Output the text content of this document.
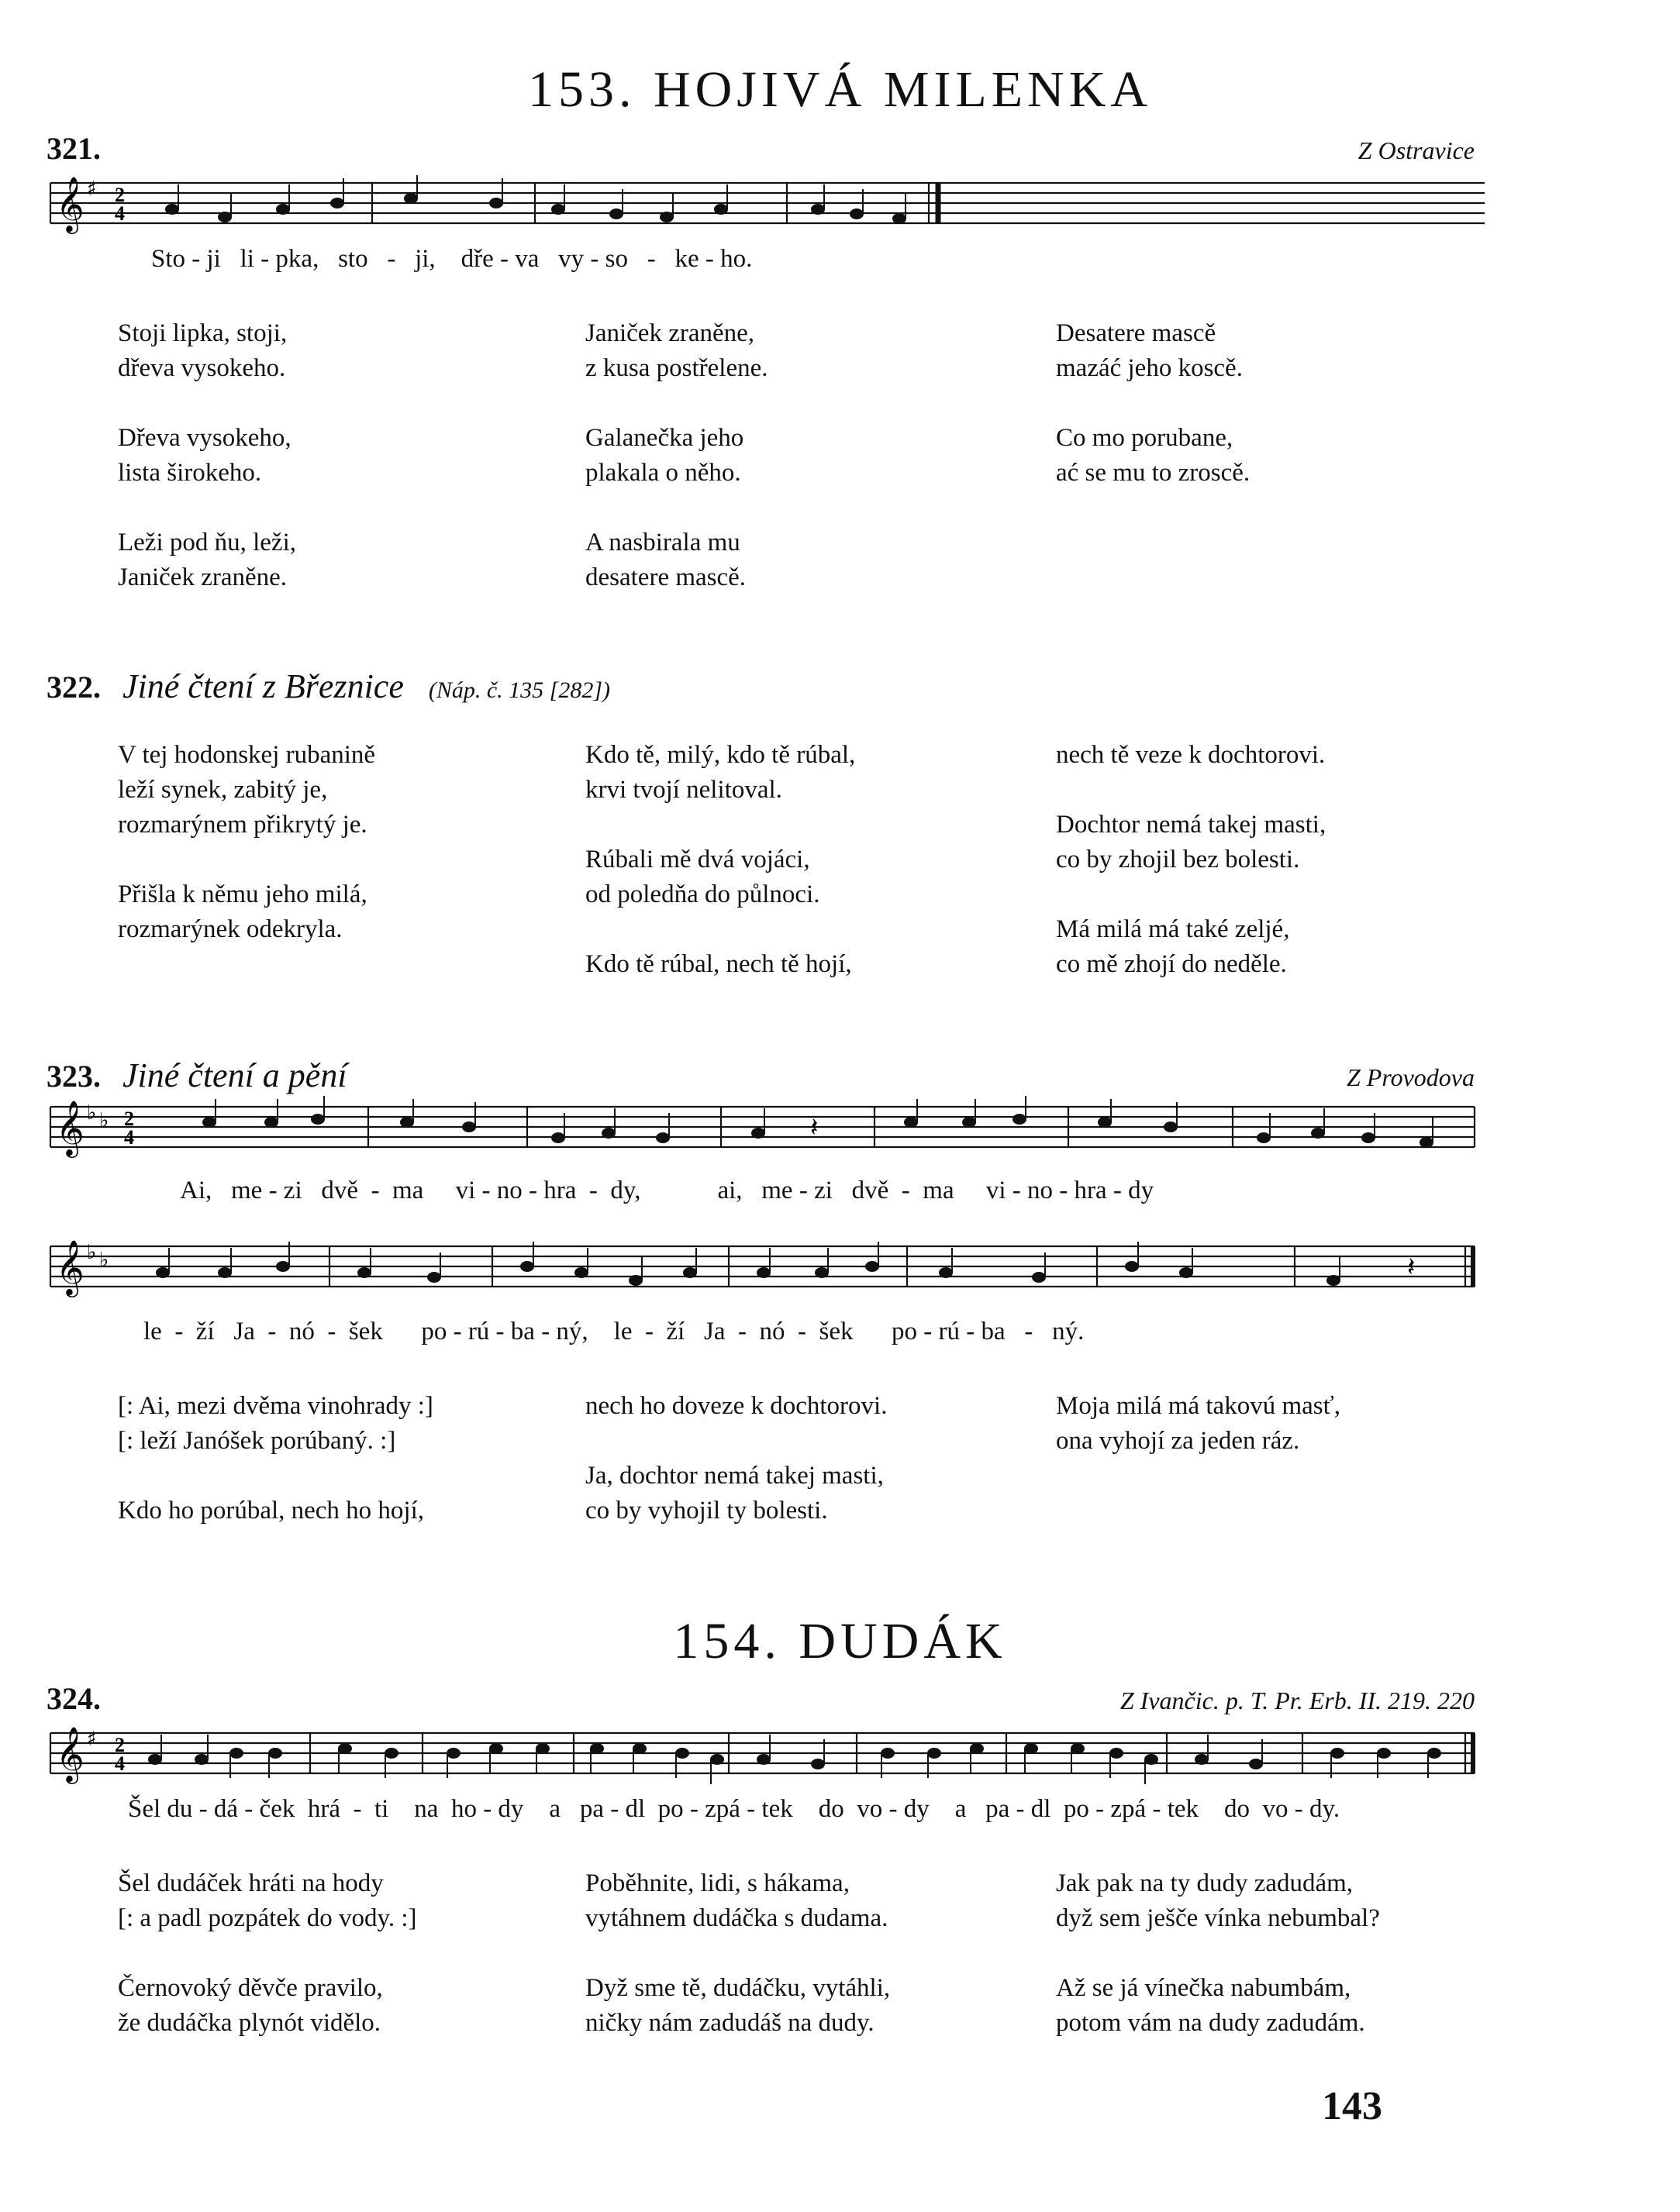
153. HOJIVÁ MILENKA
321.	Z Ostravice
𝄞 ♯ 2
4
Sto - ji   li - pka,   sto   -   ji,    dře - va   vy - so   -   ke - ho.
Stoji lipka, stoji,
dřeva vysokeho.

Dřeva vysokeho,
lista širokeho.

Leži pod ňu, leži,
Janiček zraněne.
Janiček zraněne,
z kusa postřelene.

Galanečka jeho
plakala o něho.

A nasbirala mu
desatere mascě.
Desatere mascě
mazáć jeho koscě.

Co mo porubane,
ać se mu to zroscě.
322. Jiné čtení z Březnice (Náp. č. 135 [282])
V tej hodonskej rubanině
leží synek, zabitý je,
rozmarýnem přikrytý je.

Přišla k němu jeho milá,
rozmarýnek odekryla.
Kdo tě, milý, kdo tě rúbal,
krvi tvojí nelitoval.

Rúbali mě dvá vojáci,
od poledňa do půlnoci.

Kdo tě rúbal, nech tě hojí,
nech tě veze k dochtorovi.

Dochtor nemá takej masti,
co by zhojil bez bolesti.

Má milá má také zeljé,
co mě zhojí do neděle.
323. Jiné čtení a pění	Z Provodova
𝄞 ♭ ♭ 2
4	𝄽
Ai,   me - zi   dvě  -  ma     vi - no - hra  -  dy,            ai,   me - zi   dvě  -  ma     vi - no - hra - dy
𝄞 ♭ ♭	𝄽
le  -  ží   Ja  -  nó  -  šek      po - rú - ba - ný,    le  -  ží   Ja  -  nó  -  šek      po - rú - ba   -   ný.
[: Ai, mezi dvěma vinohrady :]
[: leží Janóšek porúbaný. :]

Kdo ho porúbal, nech ho hojí,
nech ho doveze k dochtorovi.

Ja, dochtor nemá takej masti,
co by vyhojil ty bolesti.
Moja milá má takovú masť,
ona vyhojí za jeden ráz.
154. DUDÁK
324.	Z Ivančic. p. T. Pr. Erb. II. 219. 220
𝄞 ♯ 2
4
Šel du - dá - ček  hrá  -  ti    na  ho - dy    a   pa - dl  po - zpá - tek    do  vo - dy    a   pa - dl  po - zpá - tek    do  vo - dy.
Šel dudáček hráti na hody
[: a padl pozpátek do vody. :]

Černovoký děvče pravilo,
že dudáčka plynót vidělo.
Poběhnite, lidi, s hákama,
vytáhnem dudáčka s dudama.

Dyž sme tě, dudáčku, vytáhli,
ničky nám zadudáš na dudy.
Jak pak na ty dudy zadudám,
dyž sem ješče vínka nebumbal?

Až se já vínečka nabumbám,
potom vám na dudy zadudám.
143
